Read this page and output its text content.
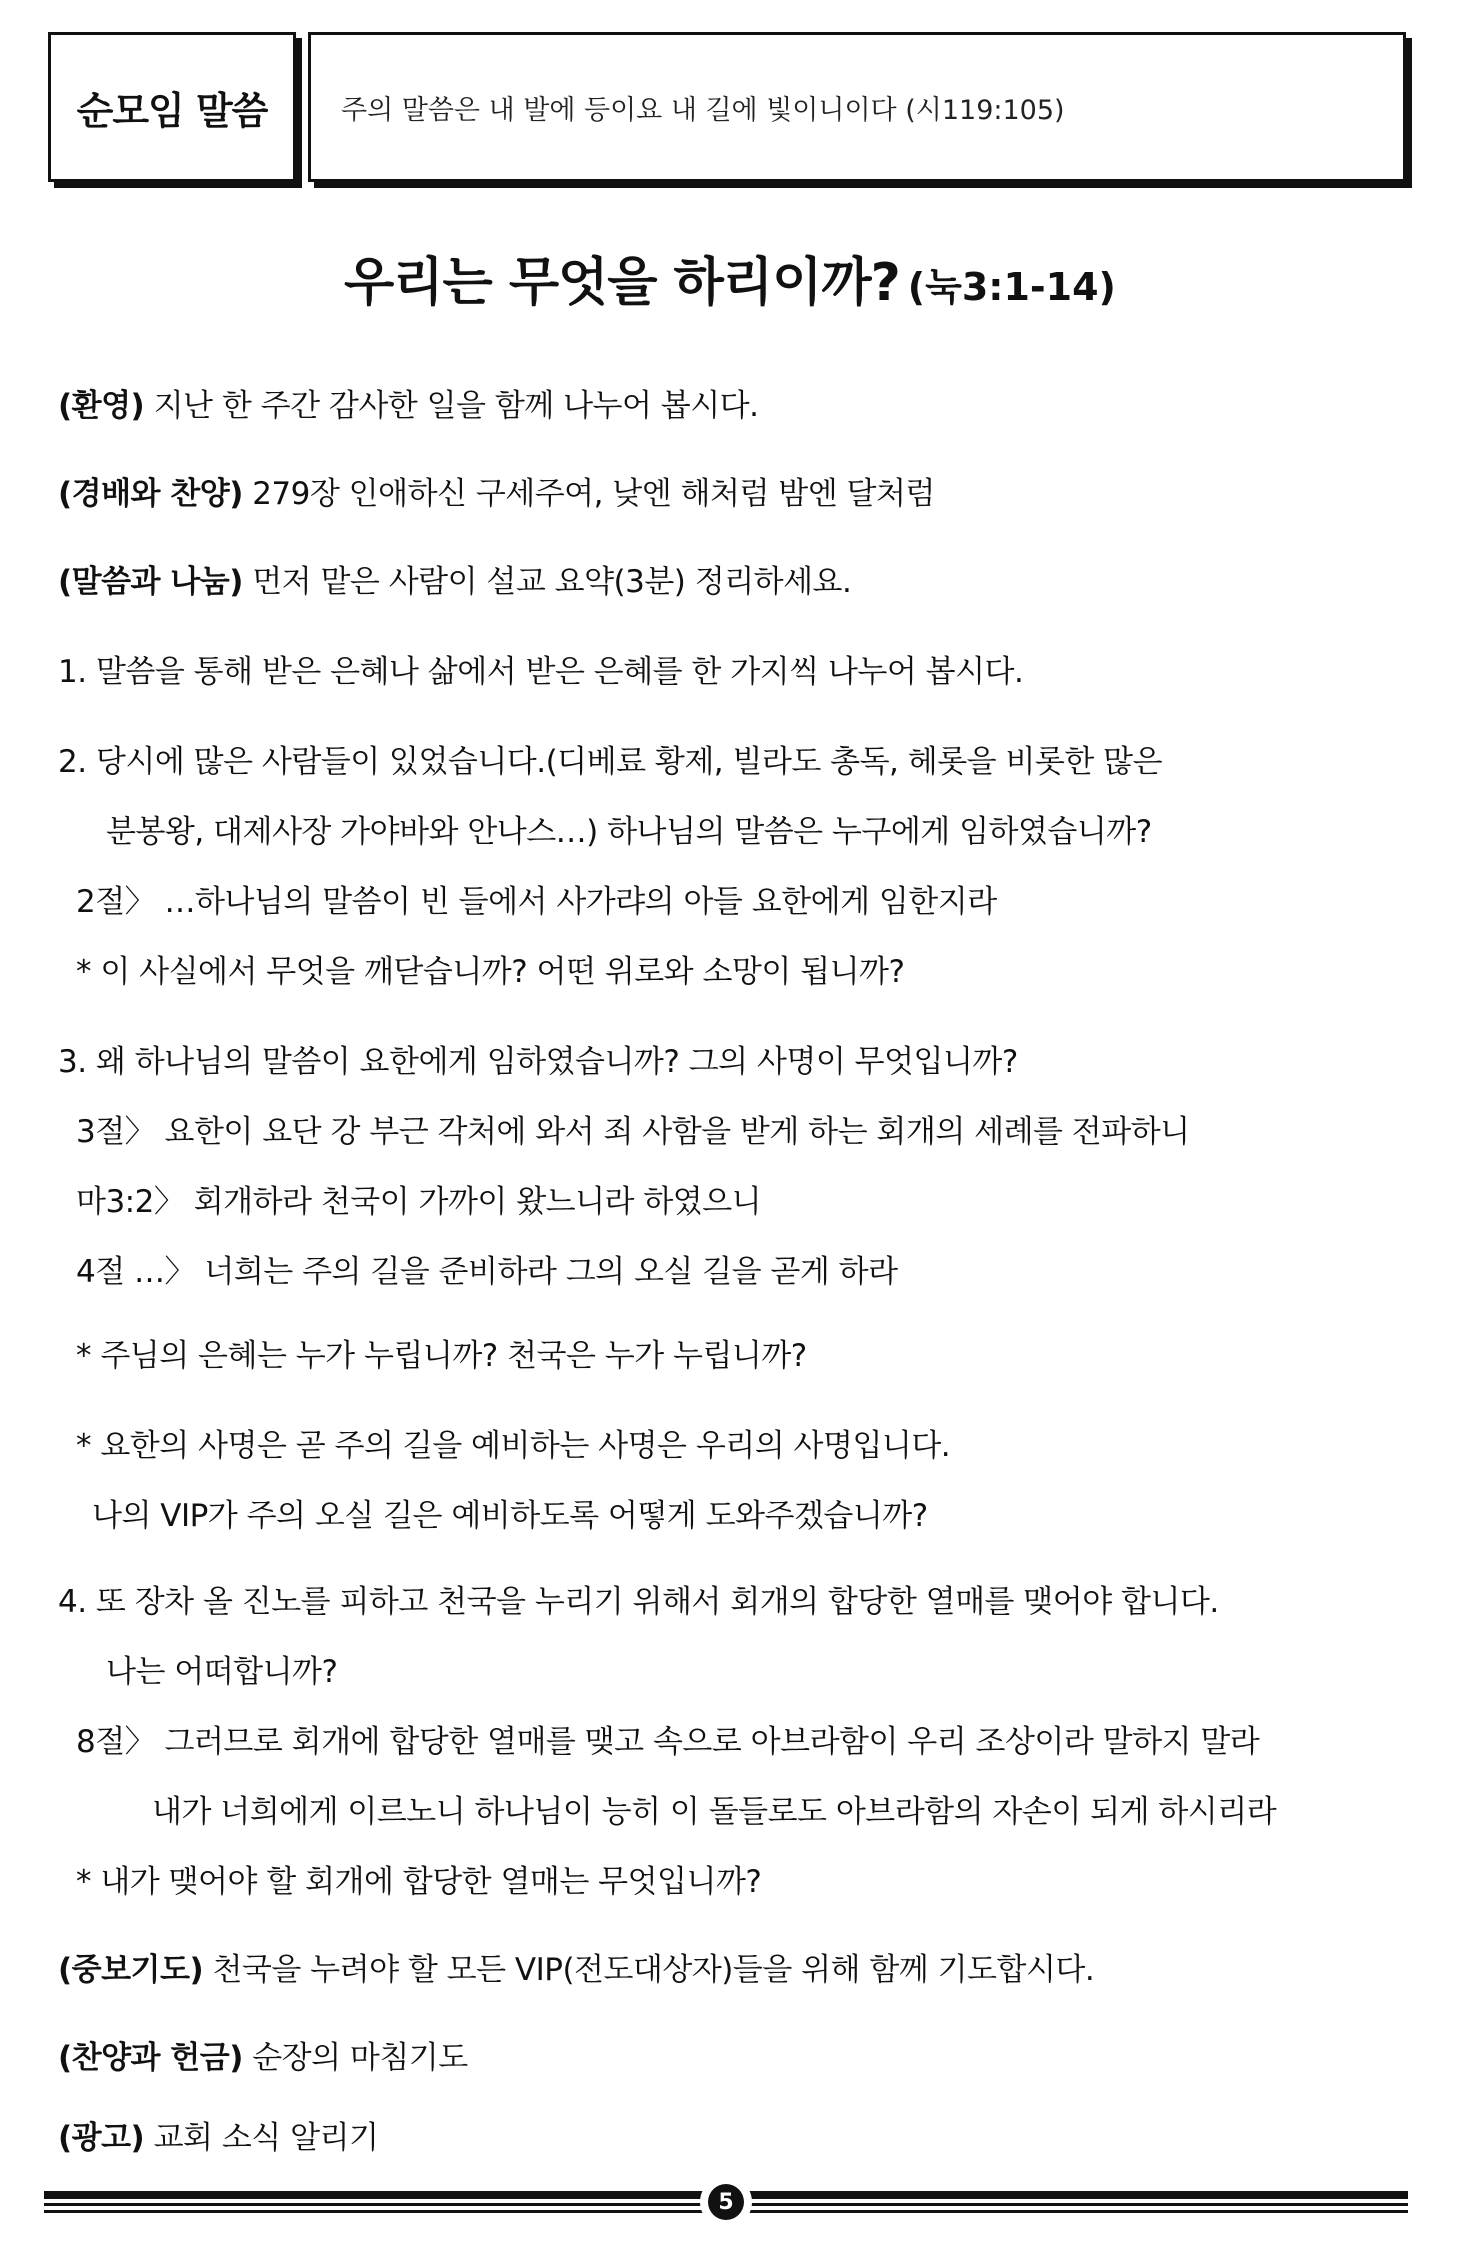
순모임 말씀	주의 말씀은 내 발에 등이요 내 길에 빛이니이다 (시119:105)
우리는 무엇을 하리이까? (눅3:1-14)
(환영) 지난 한 주간 감사한 일을 함께 나누어 봅시다.
(경배와 찬양) 279장 인애하신 구세주여, 낮엔 해처럼 밤엔 달처럼
(말씀과 나눔) 먼저 맡은 사람이 설교 요약(3분) 정리하세요.
1. 말씀을 통해 받은 은혜나 삶에서 받은 은혜를 한 가지씩 나누어 봅시다.
2. 당시에 많은 사람들이 있었습니다.(디베료 황제, 빌라도 총독, 헤롯을 비롯한 많은
분봉왕, 대제사장 가야바와 안나스…) 하나님의 말씀은 누구에게 임하였습니까?
2절〉 …하나님의 말씀이 빈 들에서 사가랴의 아들 요한에게 임한지라
* 이 사실에서 무엇을 깨닫습니까? 어떤 위로와 소망이 됩니까?
3. 왜 하나님의 말씀이 요한에게 임하였습니까? 그의 사명이 무엇입니까?
3절〉 요한이 요단 강 부근 각처에 와서 죄 사함을 받게 하는 회개의 세례를 전파하니
마3:2〉 회개하라 천국이 가까이 왔느니라 하였으니
4절 …〉 너희는 주의 길을 준비하라 그의 오실 길을 곧게 하라
* 주님의 은혜는 누가 누립니까? 천국은 누가 누립니까?
* 요한의 사명은 곧 주의 길을 예비하는 사명은 우리의 사명입니다.
나의 VIP가 주의 오실 길은 예비하도록 어떻게 도와주겠습니까?
4. 또 장차 올 진노를 피하고 천국을 누리기 위해서 회개의 합당한 열매를 맺어야 합니다.
나는 어떠합니까?
8절〉 그러므로 회개에 합당한 열매를 맺고 속으로 아브라함이 우리 조상이라 말하지 말라
내가 너희에게 이르노니 하나님이 능히 이 돌들로도 아브라함의 자손이 되게 하시리라
* 내가 맺어야 할 회개에 합당한 열매는 무엇입니까?
(중보기도) 천국을 누려야 할 모든 VIP(전도대상자)들을 위해 함께 기도합시다.
(찬양과 헌금) 순장의 마침기도
(광고) 교회 소식 알리기
5
